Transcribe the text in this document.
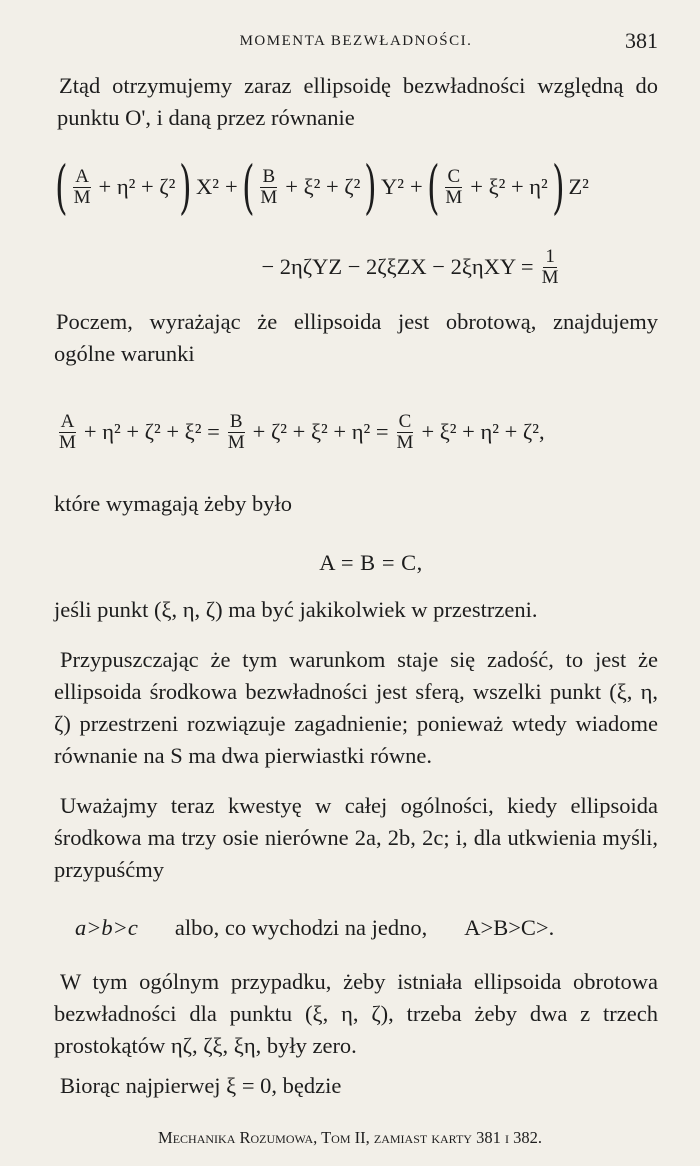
MOMENTA BEZWŁADNOŚCI.	381

Ztąd otrzymujemy zaraz ellipsoidę bezwładności względną do punktu O', i daną przez równanie

( $\frac{A}{M} + \eta^2 + \zeta^2$ ) X² + ( $\frac{B}{M} + \xi^2 + \zeta^2$ ) Y² + ( $\frac{C}{M} + \xi^2 + \eta^2$ ) Z²
− $2\eta\zeta YZ - 2\zeta\xi ZX - 2\xi\eta XY = \frac{1}{M}$

Poczem, wyrażając że ellipsoida jest obrotową, znajdujemy ogólne warunki

$\frac{A}{M} + \eta^2 + \zeta^2 + \xi^2 = \frac{B}{M} + \zeta^2 + \xi^2 + \eta^2 = \frac{C}{M} + \xi^2 + \eta^2 + \zeta^2$,

które wymagają żeby było

A = B = C,

jeśli punkt (ξ, η, ζ) ma być jakikolwiek w przestrzeni.

Przypuszczając że tym warunkom staje się zadość, to jest że ellipsoida środkowa bezwładności jest sferą, wszelki punkt (ξ, η, ζ) przestrzeni rozwiązuje zagadnienie; ponieważ wtedy wiadome równanie na S ma dwa pierwiastki równe.

Uważajmy teraz kwestyę w całej ogólności, kiedy ellipsoida środkowa ma trzy osie nierówne 2a, 2b, 2c; i, dla utkwienia myśli, przypuśćmy

a>b>c albo, co wychodzi na jedno, A>B>C>.

W tym ogólnym przypadku, żeby istniała ellipsoida obrotowa bezwładności dla punktu (ξ, η, ζ), trzeba żeby dwa z trzech prostokątów ηζ, ζξ, ξη, były zero.

Biorąc najpierwej ξ = 0, będzie

Mechanika Rozumowa, Tom II, zamiast karty 381 i 382.
